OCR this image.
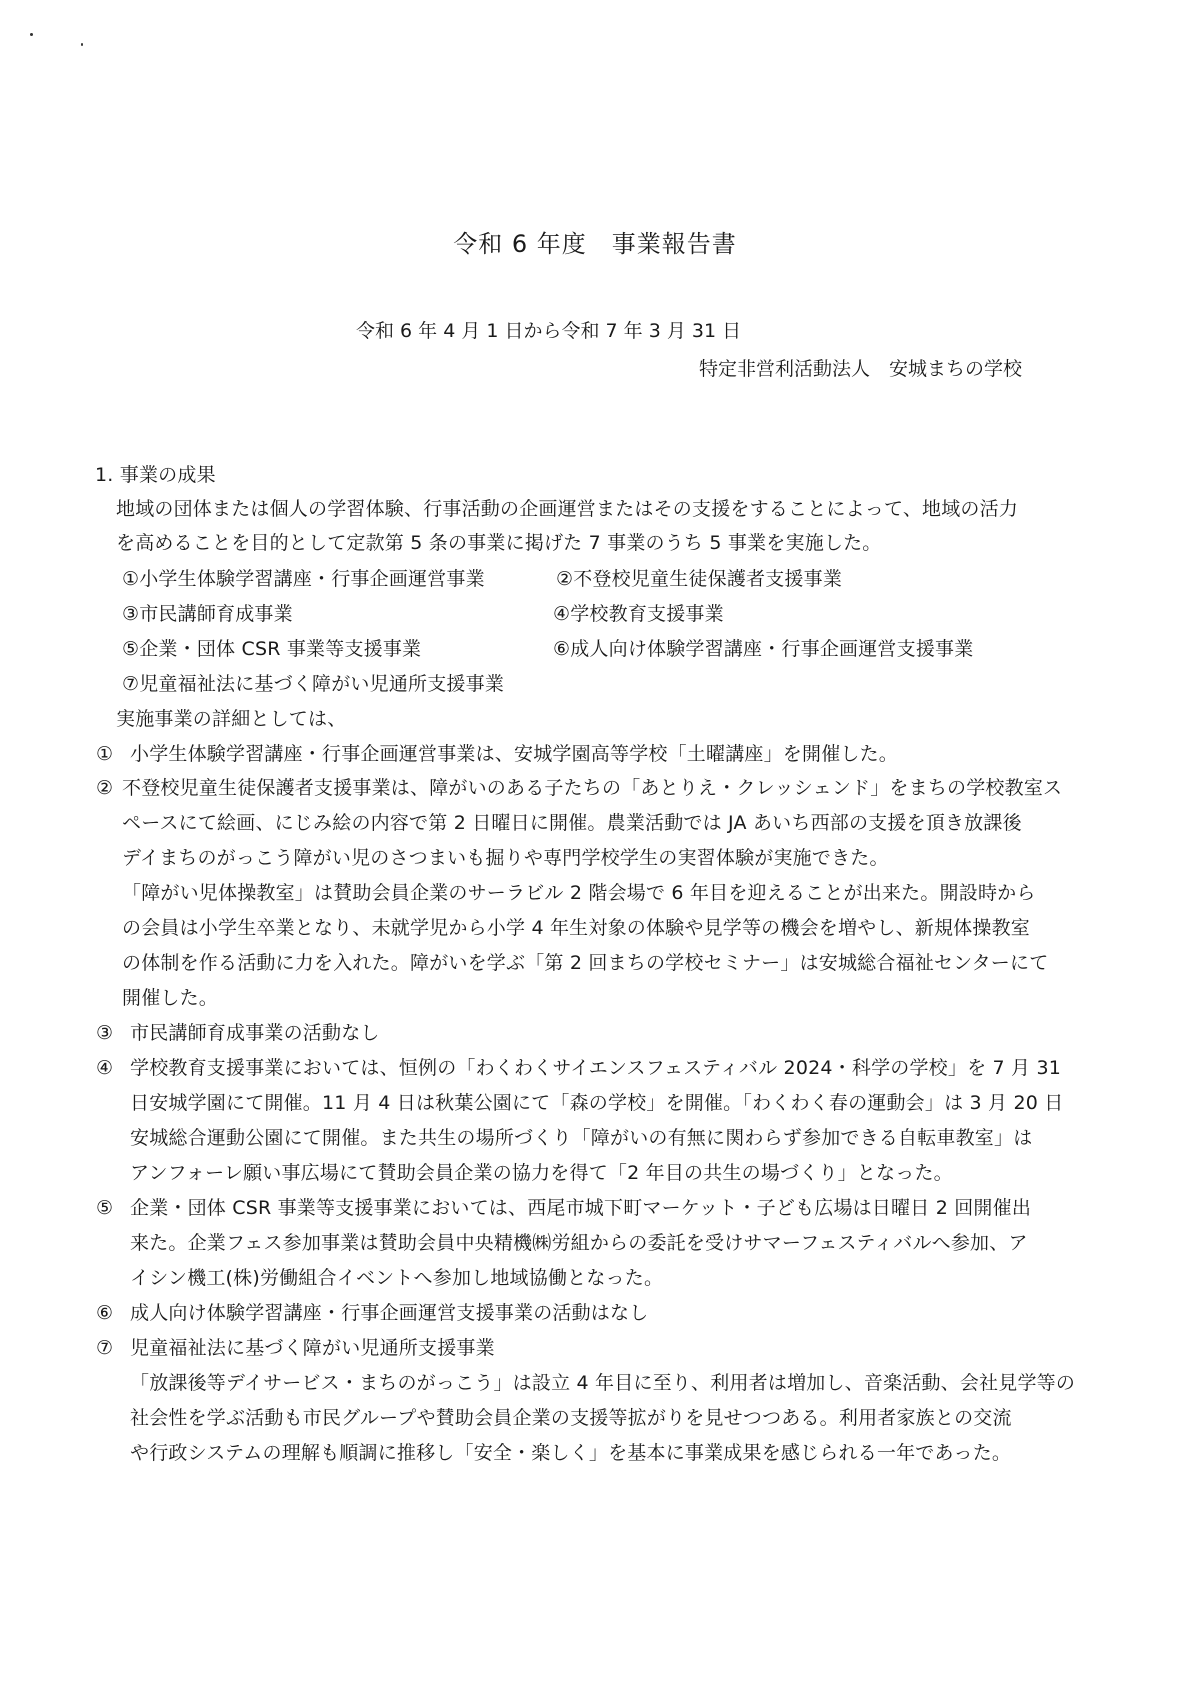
令和 6 年度　事業報告書
令和 6 年 4 月 1 日から令和 7 年 3 月 31 日
特定非営利活動法人　安城まちの学校
1. 事業の成果
地域の団体または個人の学習体験、行事活動の企画運営またはその支援をすることによって、地域の活力
を高めることを目的として定款第 5 条の事業に掲げた 7 事業のうち 5 事業を実施した。
①小学生体験学習講座・行事企画運営事業	②不登校児童生徒保護者支援事業
③市民講師育成事業	④学校教育支援事業
⑤企業・団体 CSR 事業等支援事業	⑥成人向け体験学習講座・行事企画運営支援事業
⑦児童福祉法に基づく障がい児通所支援事業
実施事業の詳細としては、
① 小学生体験学習講座・行事企画運営事業は、安城学園高等学校「土曜講座」を開催した。
② 不登校児童生徒保護者支援事業は、障がいのある子たちの「あとりえ・クレッシェンド」をまちの学校教室ス
ペースにて絵画、にじみ絵の内容で第 2 日曜日に開催。農業活動では JA あいち西部の支援を頂き放課後
デイまちのがっこう障がい児のさつまいも掘りや専門学校学生の実習体験が実施できた。
「障がい児体操教室」は賛助会員企業のサーラビル 2 階会場で 6 年目を迎えることが出来た。開設時から
の会員は小学生卒業となり、未就学児から小学 4 年生対象の体験や見学等の機会を増やし、新規体操教室
の体制を作る活動に力を入れた。障がいを学ぶ「第 2 回まちの学校セミナー」は安城総合福祉センターにて
開催した。
③ 市民講師育成事業の活動なし
④ 学校教育支援事業においては、恒例の「わくわくサイエンスフェスティバル 2024・科学の学校」を 7 月 31
日安城学園にて開催。11 月 4 日は秋葉公園にて「森の学校」を開催。「わくわく春の運動会」は 3 月 20 日
安城総合運動公園にて開催。また共生の場所づくり「障がいの有無に関わらず参加できる自転車教室」は
アンフォーレ願い事広場にて賛助会員企業の協力を得て「2 年目の共生の場づくり」となった。
⑤ 企業・団体 CSR 事業等支援事業においては、西尾市城下町マーケット・子ども広場は日曜日 2 回開催出
来た。企業フェス参加事業は賛助会員中央精機㈱労組からの委託を受けサマーフェスティバルへ参加、ア
イシン機工(株)労働組合イベントへ参加し地域協働となった。
⑥ 成人向け体験学習講座・行事企画運営支援事業の活動はなし
⑦ 児童福祉法に基づく障がい児通所支援事業
「放課後等デイサービス・まちのがっこう」は設立 4 年目に至り、利用者は増加し、音楽活動、会社見学等の
社会性を学ぶ活動も市民グループや賛助会員企業の支援等拡がりを見せつつある。利用者家族との交流
や行政システムの理解も順調に推移し「安全・楽しく」を基本に事業成果を感じられる一年であった。
